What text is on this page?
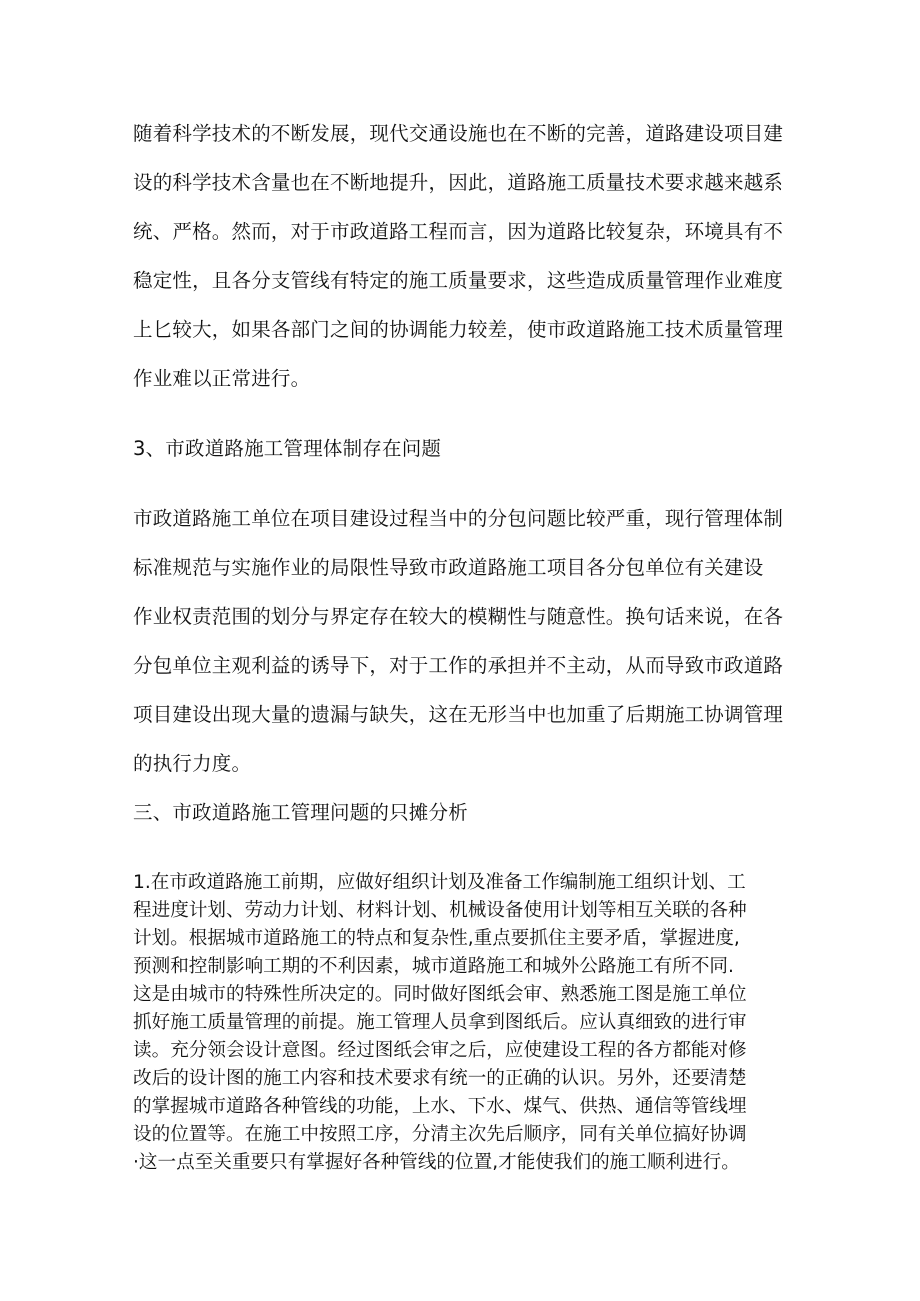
随着科学技术的不断发展，现代交通设施也在不断的完善，道路建设项目建
设的科学技术含量也在不断地提升，因此，道路施工质量技术要求越来越系
统、严格。然而，对于市政道路工程而言，因为道路比较复杂，环境具有不
稳定性，且各分支管线有特定的施工质量要求，这些造成质量管理作业难度
上匕较大，如果各部门之间的协调能力较差，使市政道路施工技术质量管理
作业难以正常进行。
3、市政道路施工管理体制存在问题
市政道路施工单位在项目建设过程当中的分包问题比较严重，现行管理体制
标准规范与实施作业的局限性导致市政道路施工项目各分包单位有关建设
作业权责范围的划分与界定存在较大的模糊性与随意性。换句话来说，在各
分包单位主观利益的诱导下，对于工作的承担并不主动，从而导致市政道路
项目建设出现大量的遗漏与缺失，这在无形当中也加重了后期施工协调管理
的执行力度。
三、市政道路施工管理问题的只摊分析
1.在市政道路施工前期，应做好组织计划及准备工作编制施工组织计划、工
程进度计划、劳动力计划、材料计划、机械设备使用计划等相互关联的各种
计划。根据城市道路施工的特点和复杂性,重点要抓住主要矛盾，掌握进度,
预测和控制影响工期的不利因素，城市道路施工和城外公路施工有所不同.
这是由城市的特殊性所决定的。同时做好图纸会审、熟悉施工图是施工单位
抓好施工质量管理的前提。施工管理人员拿到图纸后。应认真细致的进行审
读。充分领会设计意图。经过图纸会审之后，应使建设工程的各方都能对修
改后的设计图的施工内容和技术要求有统一的正确的认识。另外，还要清楚
的掌握城市道路各种管线的功能，上水、下水、煤气、供热、通信等管线埋
设的位置等。在施工中按照工序，分清主次先后顺序，同有关单位搞好协调
·这一点至关重要只有掌握好各种管线的位置,才能使我们的施工顺利进行。
